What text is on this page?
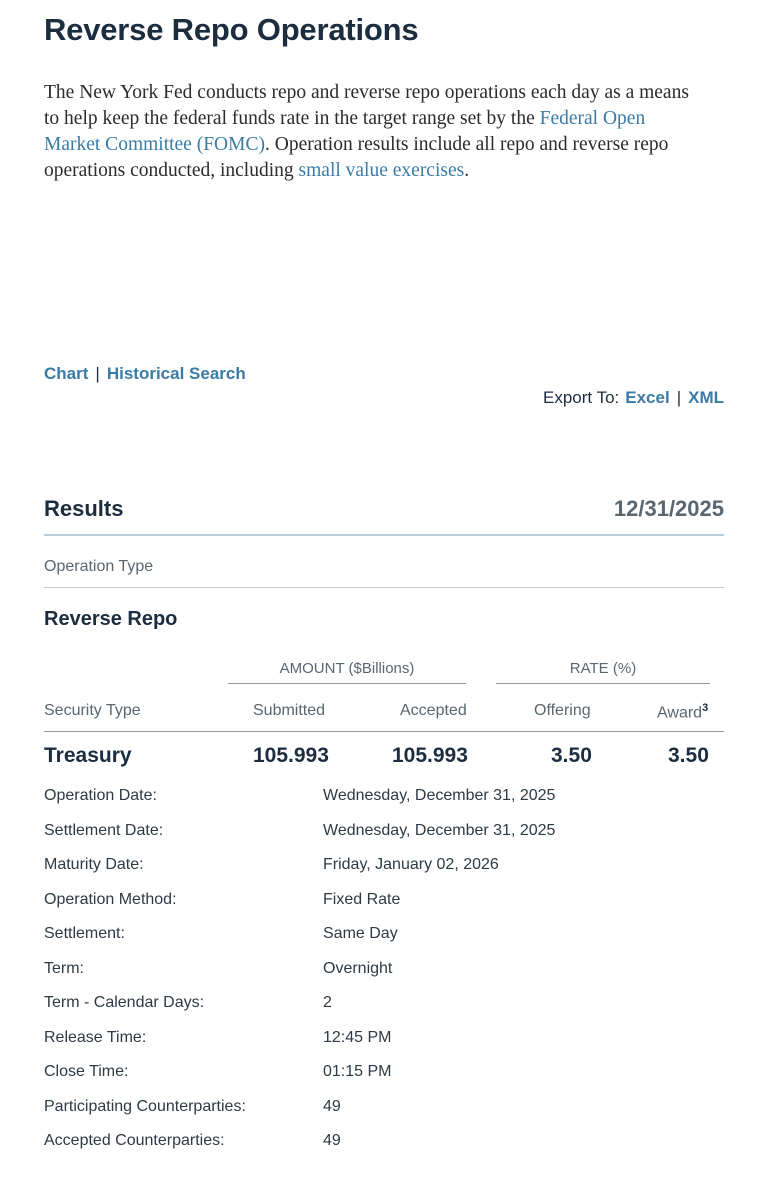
Reverse Repo Operations

The New York Fed conducts repo and reverse repo operations each day as a means to help keep the federal funds rate in the target range set by the Federal Open Market Committee (FOMC). Operation results include all repo and reverse repo operations conducted, including small value exercises.

Chart | Historical Search
Export To: Excel | XML
Results	12/31/2025
Operation Type
Reverse Repo
AMOUNT ($Billions)	RATE (%)
Security Type	Submitted	Accepted	Offering	Award$^3$
Treasury	105.993	105.993	3.50	3.50
Operation Date:	Wednesday, December 31, 2025
Settlement Date:	Wednesday, December 31, 2025
Maturity Date:	Friday, January 02, 2026
Operation Method:	Fixed Rate
Settlement:	Same Day
Term:	Overnight
Term - Calendar Days:	2
Release Time:	12:45 PM
Close Time:	01:15 PM
Participating Counterparties:	49
Accepted Counterparties:	49
